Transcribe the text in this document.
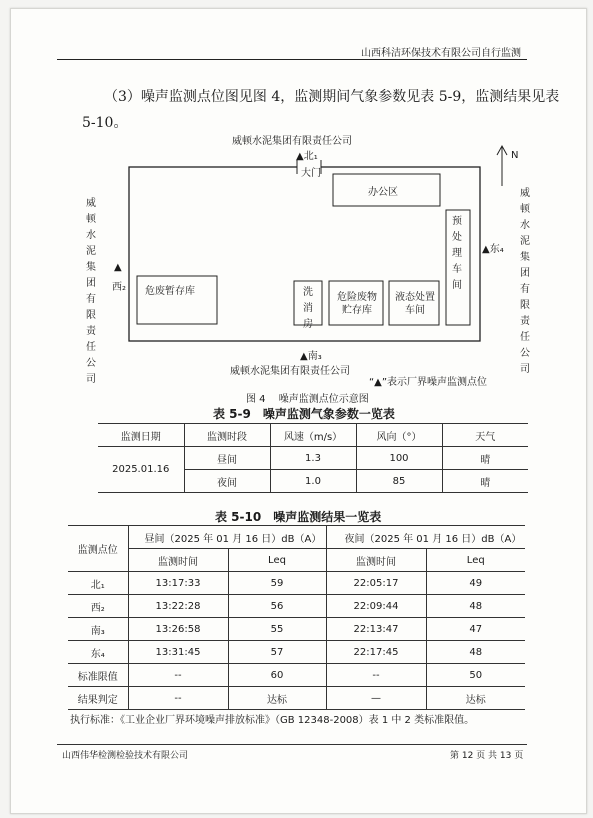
山西科洁环保技术有限公司自行监测
（3）噪声监测点位图见图 4，监测期间气象参数见表 5-9，监测结果见表
5-10。
威顿水泥集团有限责任公司
▲北₁
大门
N
办公区
预处理车间
威顿水泥集团有限责任公司
威顿水泥集团有限责任公司
▲
西₂
▲东₄
危废暂存库	洗消房
危险废物贮存库
液态处置车间
▲南₃
威顿水泥集团有限责任公司
“▲”表示厂界噪声监测点位
图 4　 噪声监测点位示意图
表 5-9　噪声监测气象参数一览表
监测日期	监测时段	风速（m/s）	风向（°）	天气
2025.01.16	昼间	1.3	100	晴
	夜间	1.0	85	晴
表 5-10　噪声监测结果一览表
监测点位	昼间（2025 年 01 月 16 日）dB（A）		夜间（2025 年 01 月 16 日）dB（A）	
	监测时间	Leq	监测时间	Leq
北₁	13:17:33	59	22:05:17	49
西₂	13:22:28	56	22:09:44	48
南₃	13:26:58	55	22:13:47	47
东₄	13:31:45	57	22:17:45	48
标准限值	--	60	--	50
结果判定	--	达标	—	达标
执行标准：《工业企业厂界环境噪声排放标准》（GB 12348-2008）表 1 中 2 类标准限值。
山西伟华检测检验技术有限公司	第 12 页 共 13 页
